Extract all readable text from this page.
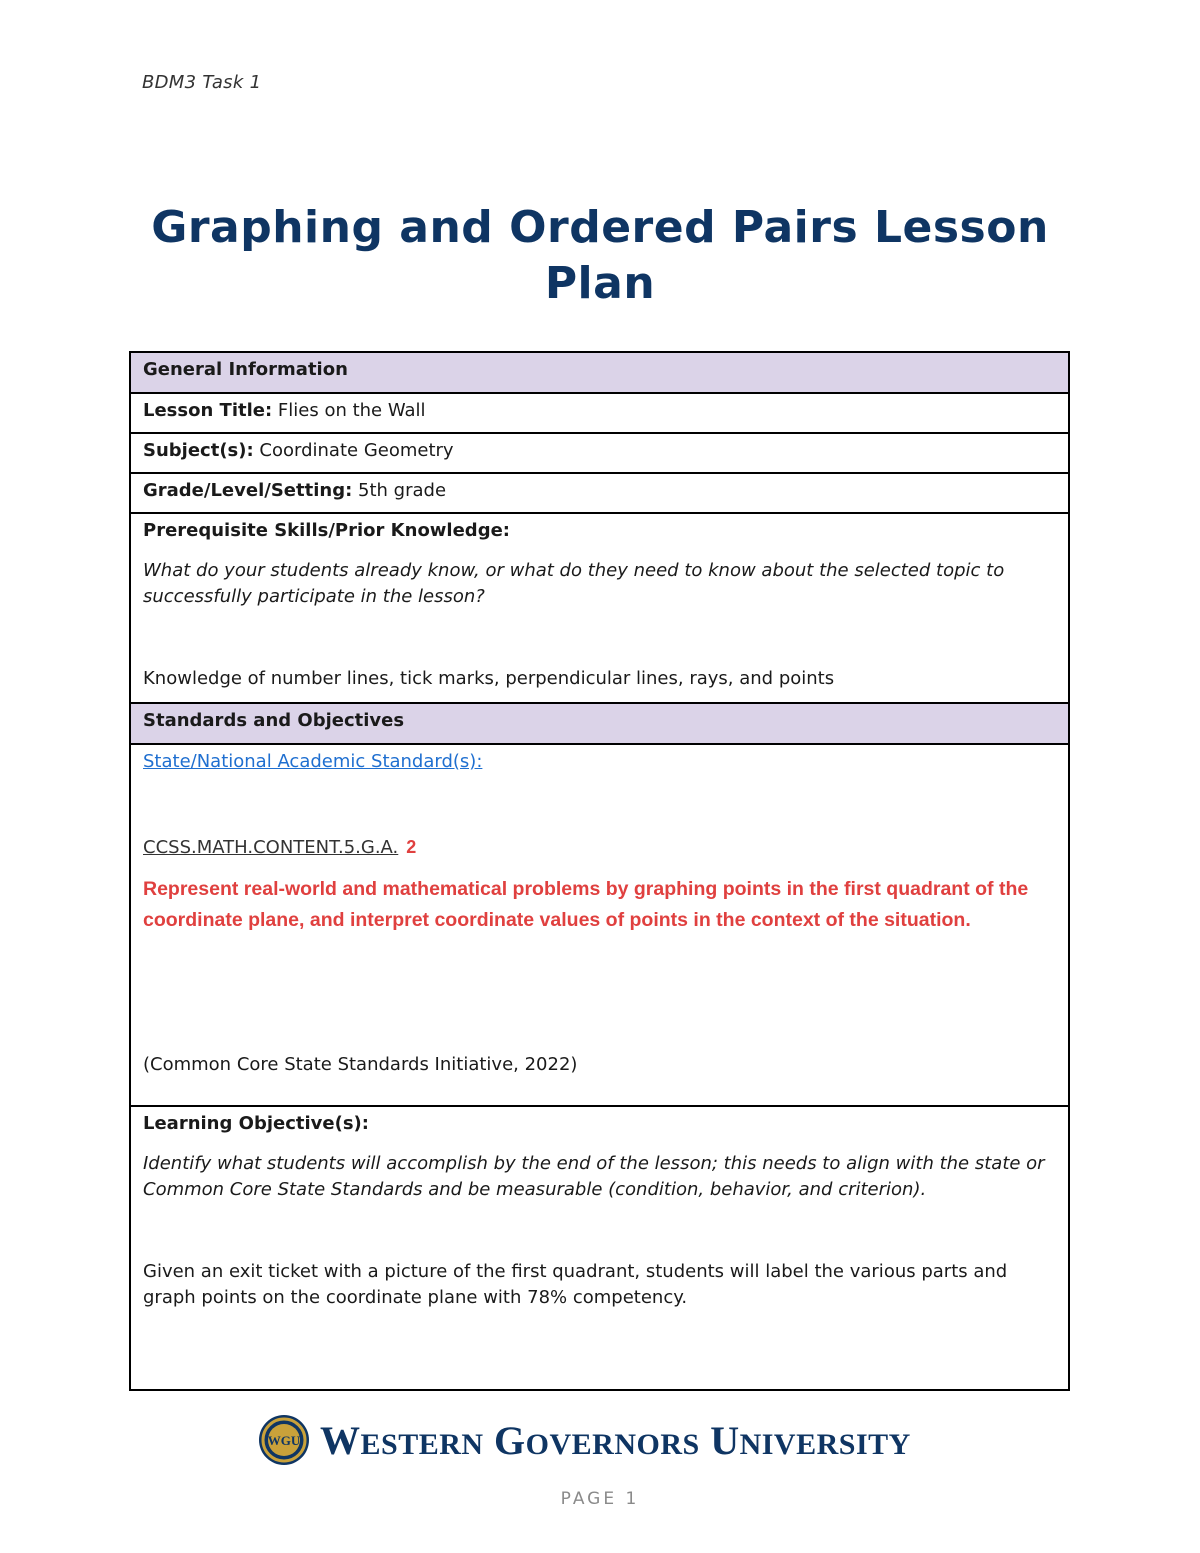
BDM3 Task 1
Graphing and Ordered Pairs Lesson Plan
General Information
Lesson Title: Flies on the Wall
Subject(s): Coordinate Geometry
Grade/Level/Setting: 5th grade

Prerequisite Skills/Prior Knowledge:

What do your students already know, or what do they need to know about the selected topic to successfully participate in the lesson?

Knowledge of number lines, tick marks, perpendicular lines, rays, and points

Standards and Objectives

State/National Academic Standard(s):

CCSS.MATH.CONTENT.5.G.A. 2

Represent real-world and mathematical problems by graphing points in the first quadrant of the coordinate plane, and interpret coordinate values of points in the context of the situation.

(Common Core State Standards Initiative, 2022)

Learning Objective(s):

Identify what students will accomplish by the end of the lesson; this needs to align with the state or Common Core State Standards and be measurable (condition, behavior, and criterion).

Given an exit ticket with a picture of the first quadrant, students will label the various parts and graph points on the coordinate plane with 78% competency.

WGU WESTERN GOVERNORS UNIVERSITY
PAGE 1
